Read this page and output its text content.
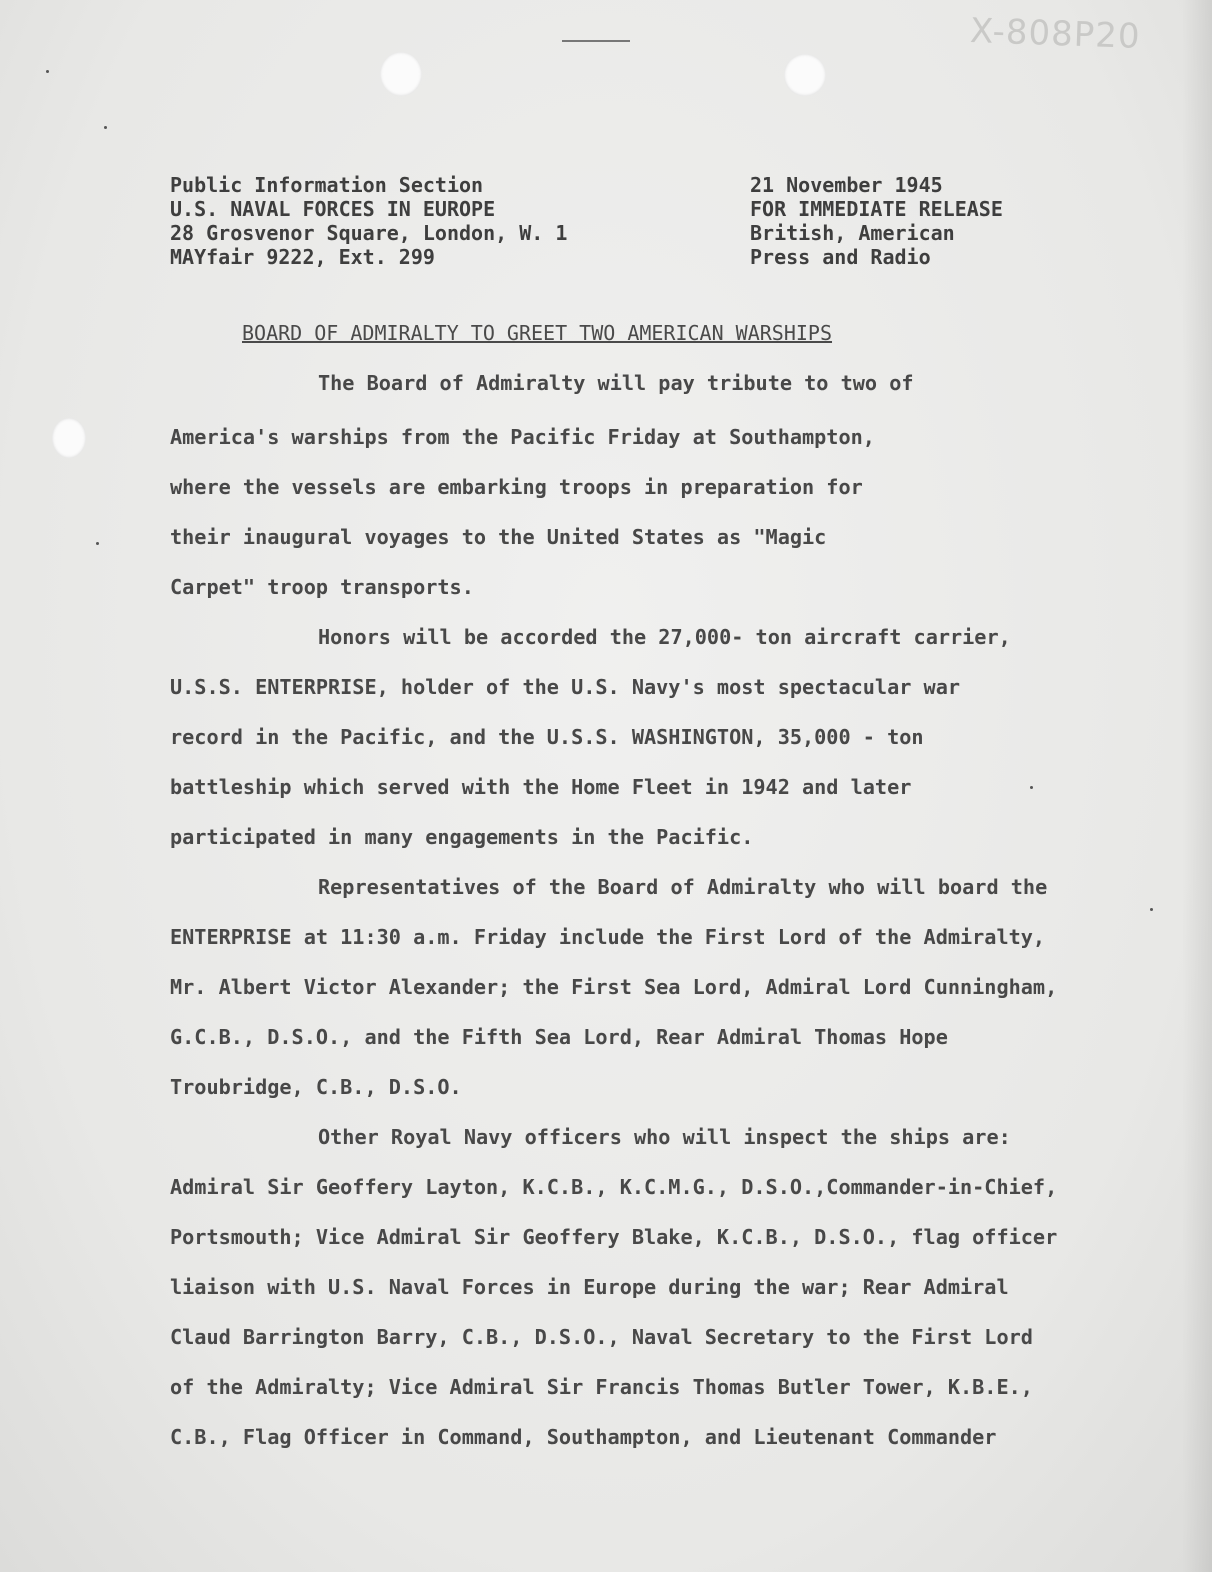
X-808P20
Public Information Section
U.S. NAVAL FORCES IN EUROPE
28 Grosvenor Square, London, W. 1
MAYfair 9222, Ext. 299
21 November 1945
FOR IMMEDIATE RELEASE
British, American
Press and Radio
BOARD OF ADMIRALTY TO GREET TWO AMERICAN WARSHIPS
The Board of Admiralty will pay tribute to two of
America's warships from the Pacific Friday at Southampton,
where the vessels are embarking troops in preparation for
their inaugural voyages to the United States as "Magic
Carpet" troop transports.
Honors will be accorded the 27,000- ton aircraft carrier,
U.S.S. ENTERPRISE, holder of the U.S. Navy's most spectacular war
record in the Pacific, and the U.S.S. WASHINGTON, 35,000 - ton
battleship which served with the Home Fleet in 1942 and later
participated in many engagements in the Pacific.
Representatives of the Board of Admiralty who will board the
ENTERPRISE at 11:30 a.m. Friday include the First Lord of the Admiralty,
Mr. Albert Victor Alexander; the First Sea Lord, Admiral Lord Cunningham,
G.C.B., D.S.O., and the Fifth Sea Lord, Rear Admiral Thomas Hope
Troubridge, C.B., D.S.O.
Other Royal Navy officers who will inspect the ships are:
Admiral Sir Geoffery Layton, K.C.B., K.C.M.G., D.S.O.,Commander-in-Chief,
Portsmouth; Vice Admiral Sir Geoffery Blake, K.C.B., D.S.O., flag officer
liaison with U.S. Naval Forces in Europe during the war; Rear Admiral
Claud Barrington Barry, C.B., D.S.O., Naval Secretary to the First Lord
of the Admiralty; Vice Admiral Sir Francis Thomas Butler Tower, K.B.E.,
C.B., Flag Officer in Command, Southampton, and Lieutenant Commander
